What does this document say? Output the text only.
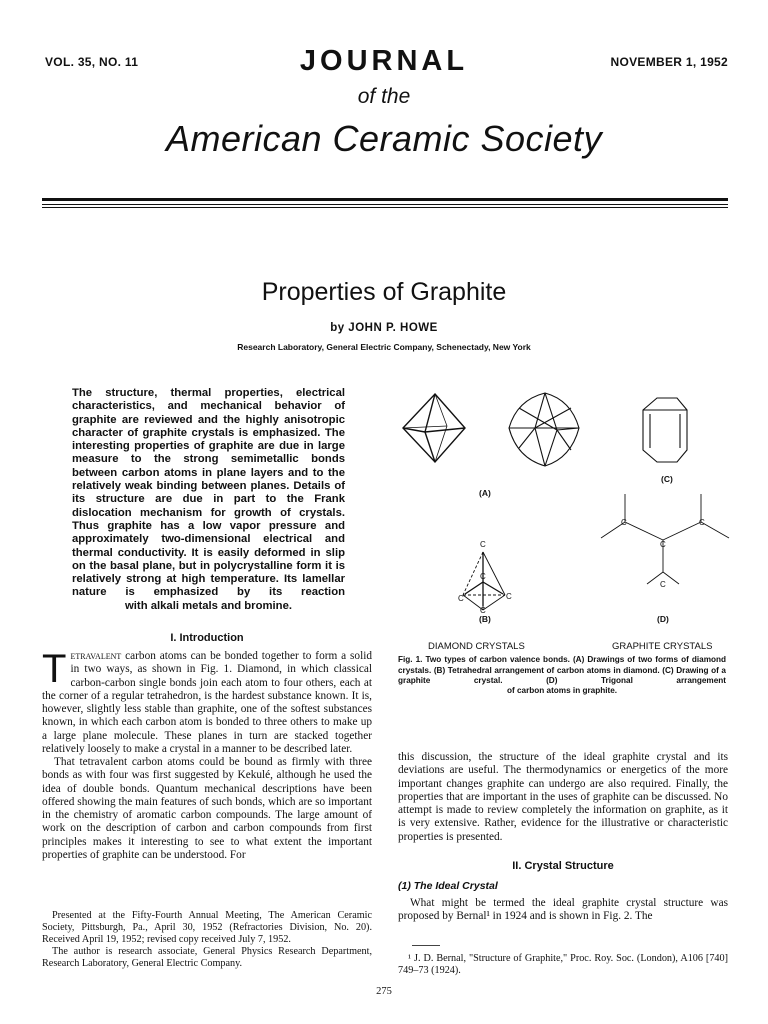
VOL. 35, NO. 11	JOURNAL	NOVEMBER 1, 1952
of the
American Ceramic Society
Properties of Graphite
by JOHN P. HOWE
Research Laboratory, General Electric Company, Schenectady, New York
The structure, thermal properties, electrical characteristics, and mechanical behavior of graphite are reviewed and the highly anisotropic character of graphite crystals is emphasized. The interesting properties of graphite are due in large measure to the strong semimetallic bonds between carbon atoms in plane layers and to the relatively weak binding between planes. Details of its structure are due in part to the Frank dislocation mechanism for growth of crystals. Thus graphite has a low vapor pressure and approximately two-dimensional electrical and thermal conductivity. It is easily deformed in slip on the basal plane, but in polycrystalline form it is relatively strong at high temperature. Its lamellar nature is emphasized by its reaction
with alkali metals and bromine.
I. Introduction

Tetravalent carbon atoms can be bonded together to form a solid in two ways, as shown in Fig. 1. Diamond, in which classical carbon-carbon single bonds join each atom to four others, each at the corner of a regular tetrahedron, is the hardest substance known. It is, however, slightly less stable than graphite, one of the softest substances known, in which each carbon atom is bonded to three others to make up a large plane molecule. These planes in turn are stacked together relatively loosely to make a crystal in a manner to be described later.

That tetravalent carbon atoms could be bound as firmly with three bonds as with four was first suggested by Kekulé, although he used the idea of double bonds. Quantum mechanical descriptions have been offered showing the main features of such bonds, which are so important in the chemistry of aromatic carbon compounds. The large amount of work on the description of carbon and carbon compounds from first principles makes it interesting to see to what extent the important properties of graphite can be understood. For

Presented at the Fifty-Fourth Annual Meeting, The American Ceramic Society, Pittsburgh, Pa., April 30, 1952 (Refractories Division, No. 20). Received April 19, 1952; revised copy received July 7, 1952.

The author is research associate, General Physics Research Department, Research Laboratory, General Electric Company.

(A)
(C)
(B)	(D)
C
C
C	C
C
C	C
C
C
DIAMOND CRYSTALS	GRAPHITE CRYSTALS
Fig. 1. Two types of carbon valence bonds. (A) Drawings of two forms of diamond crystals. (B) Tetrahedral arrangement of carbon atoms in diamond. (C) Drawing of a graphite crystal. (D) Trigonal arrangement
of carbon atoms in graphite.

this discussion, the structure of the ideal graphite crystal and its deviations are useful. The thermodynamics or energetics of the more important changes graphite can undergo are also required. Finally, the properties that are important in the uses of graphite can be discussed. No attempt is made to review completely the information on graphite, as it is very extensive. Rather, evidence for the illustrative or characteristic properties is presented.

II. Crystal Structure
(1) The Ideal Crystal

What might be termed the ideal graphite crystal structure was proposed by Bernal¹ in 1924 and is shown in Fig. 2. The

¹ J. D. Bernal, "Structure of Graphite," Proc. Roy. Soc. (London), A106 [740] 749–73 (1924).

275
